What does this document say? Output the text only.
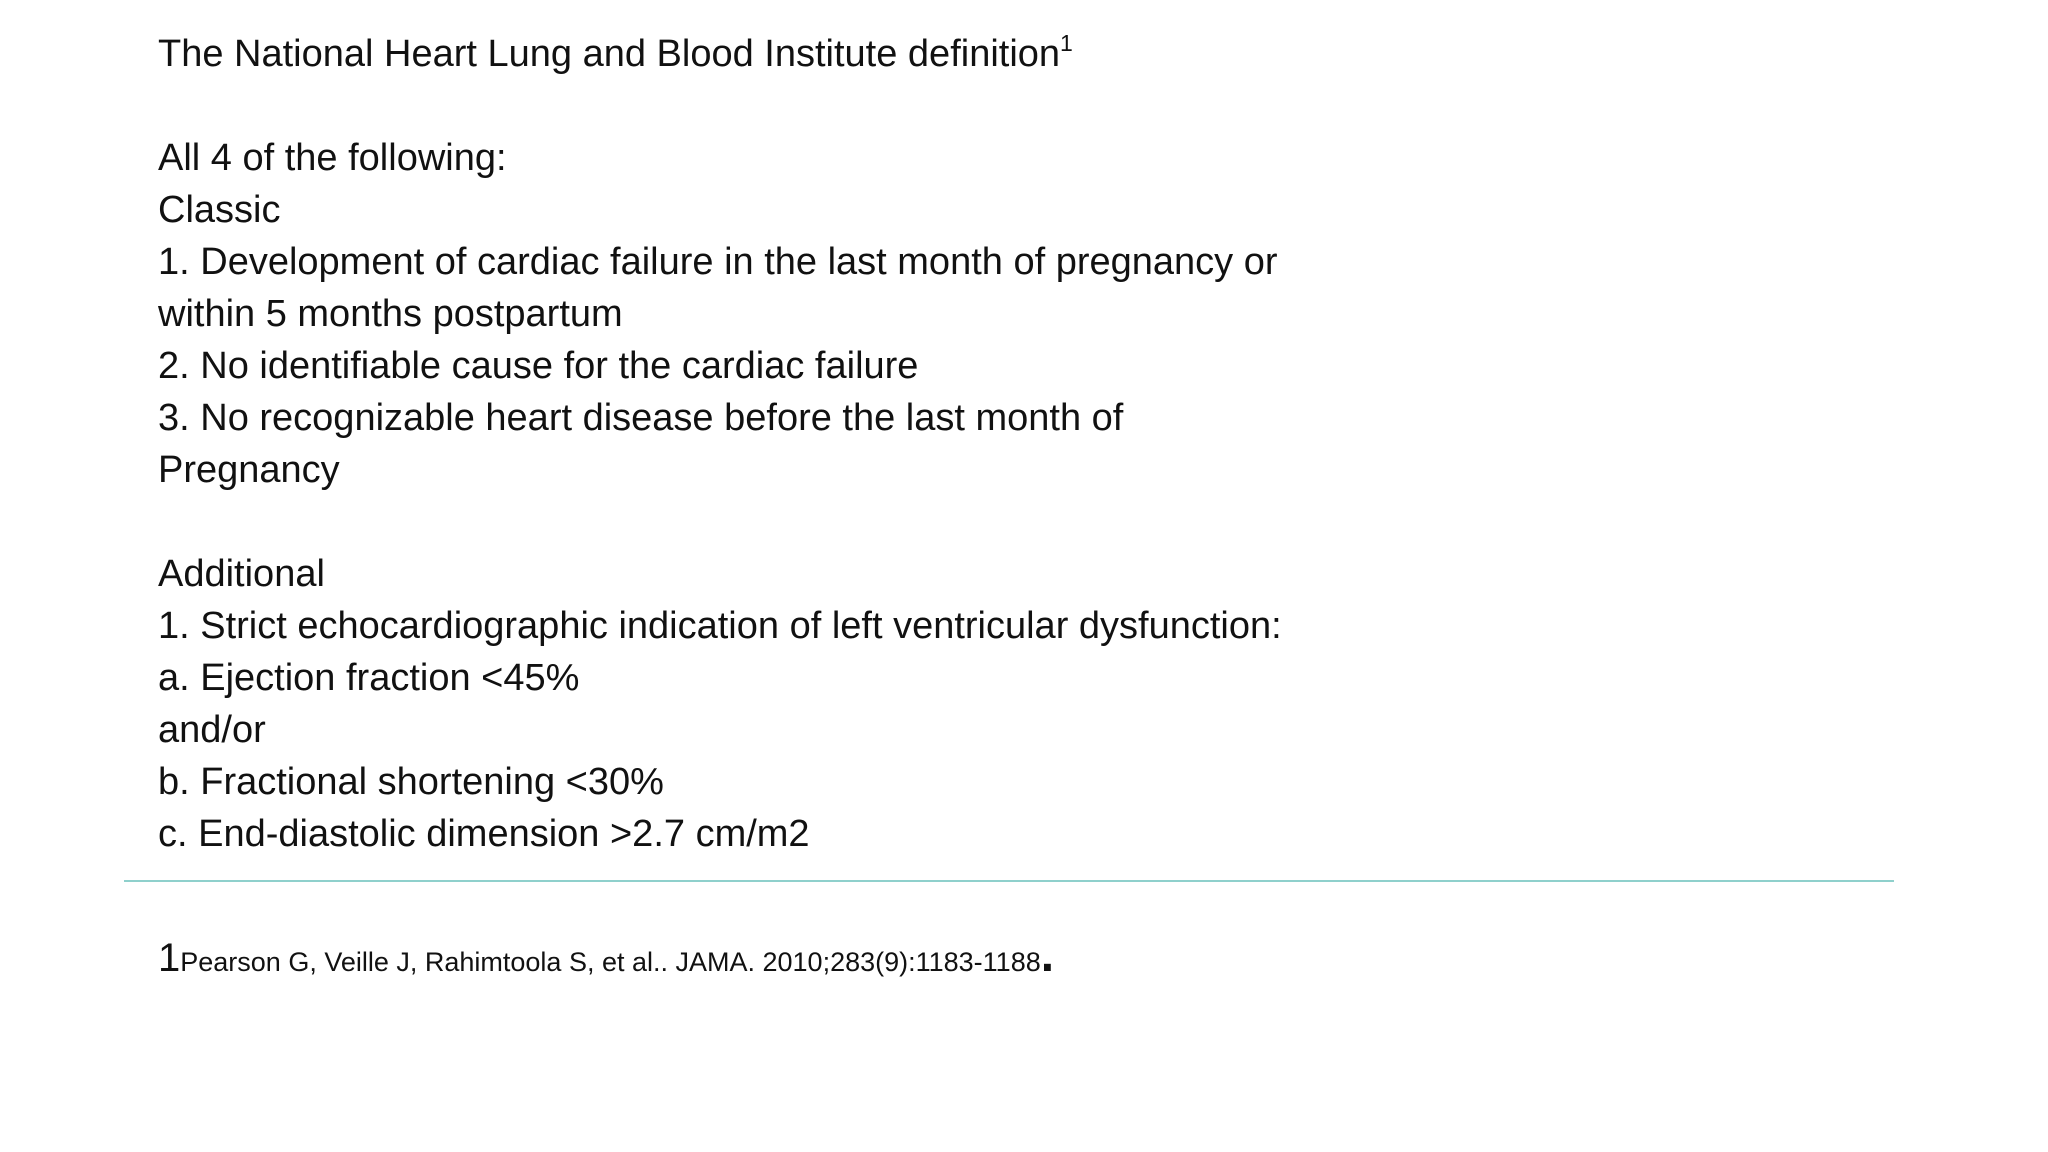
The National Heart Lung and Blood Institute definition$^1$
All 4 of the following:
Classic
1. Development of cardiac failure in the last month of pregnancy or
within 5 months postpartum
2. No identifiable cause for the cardiac failure
3. No recognizable heart disease before the last month of
Pregnancy
Additional
1. Strict echocardiographic indication of left ventricular dysfunction:
a. Ejection fraction <45%
and/or
b. Fractional shortening <30%
c. End-diastolic dimension >2.7 cm/m2
1Pearson G, Veille J, Rahimtoola S, et al.. JAMA. 2010;283(9):1183-1188.
